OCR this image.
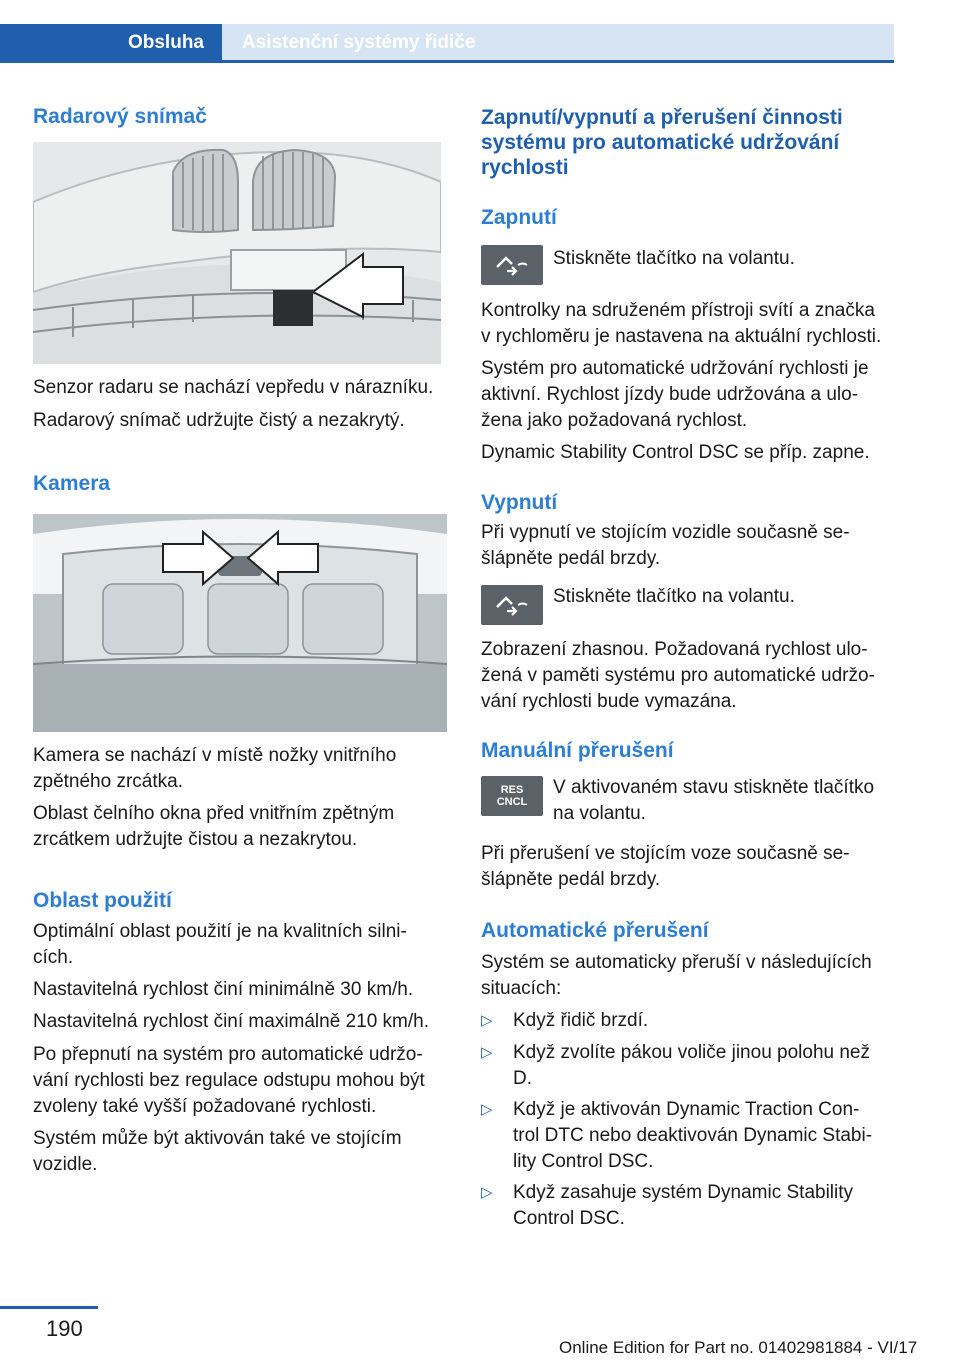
Obsluha	Asistenční systémy řidiče
Radarový snímač
Senzor radaru se nachází vepředu v nárazníku.
Radarový snímač udržujte čistý a nezakrytý.
Kamera
Kamera se nachází v místě nožky vnitřního
zpětného zrcátka.
Oblast čelního okna před vnitřním zpětným
zrcátkem udržujte čistou a nezakrytou.
Oblast použití
Optimální oblast použití je na kvalitních silni‐
cích.
Nastavitelná rychlost činí minimálně 30 km/h.
Nastavitelná rychlost činí maximálně 210 km/h.
Po přepnutí na systém pro automatické udržo‐
vání rychlosti bez regulace odstupu mohou být
zvoleny také vyšší požadované rychlosti.
Systém může být aktivován také ve stojícím
vozidle.
Zapnutí/vypnutí a přerušení činnosti
systému pro automatické udržování
rychlosti
Zapnutí
Stiskněte tlačítko na volantu.
Kontrolky na sdruženém přístroji svítí a značka
v rychloměru je nastavena na aktuální rychlosti.
Systém pro automatické udržování rychlosti je
aktivní. Rychlost jízdy bude udržována a ulo‐
žena jako požadovaná rychlost.
Dynamic Stability Control DSC se příp. zapne.
Vypnutí
Při vypnutí ve stojícím vozidle současně se‐
šlápněte pedál brzdy.
Stiskněte tlačítko na volantu.
Zobrazení zhasnou. Požadovaná rychlost ulo‐
žená v paměti systému pro automatické udržo‐
vání rychlosti bude vymazána.
Manuální přerušení
RES
CNCL
V aktivovaném stavu stiskněte tlačítko
na volantu.
Při přerušení ve stojícím voze současně se‐
šlápněte pedál brzdy.
Automatické přerušení
Systém se automaticky přeruší v následujících
situacích:
▷ Když řidič brzdí.
▷ Když zvolíte pákou voliče jinou polohu než
D.
▷ Když je aktivován Dynamic Traction Con‐
trol DTC nebo deaktivován Dynamic Stabi‐
lity Control DSC.
▷ Když zasahuje systém Dynamic Stability
Control DSC.
190
Online Edition for Part no. 01402981884 - VI/17
